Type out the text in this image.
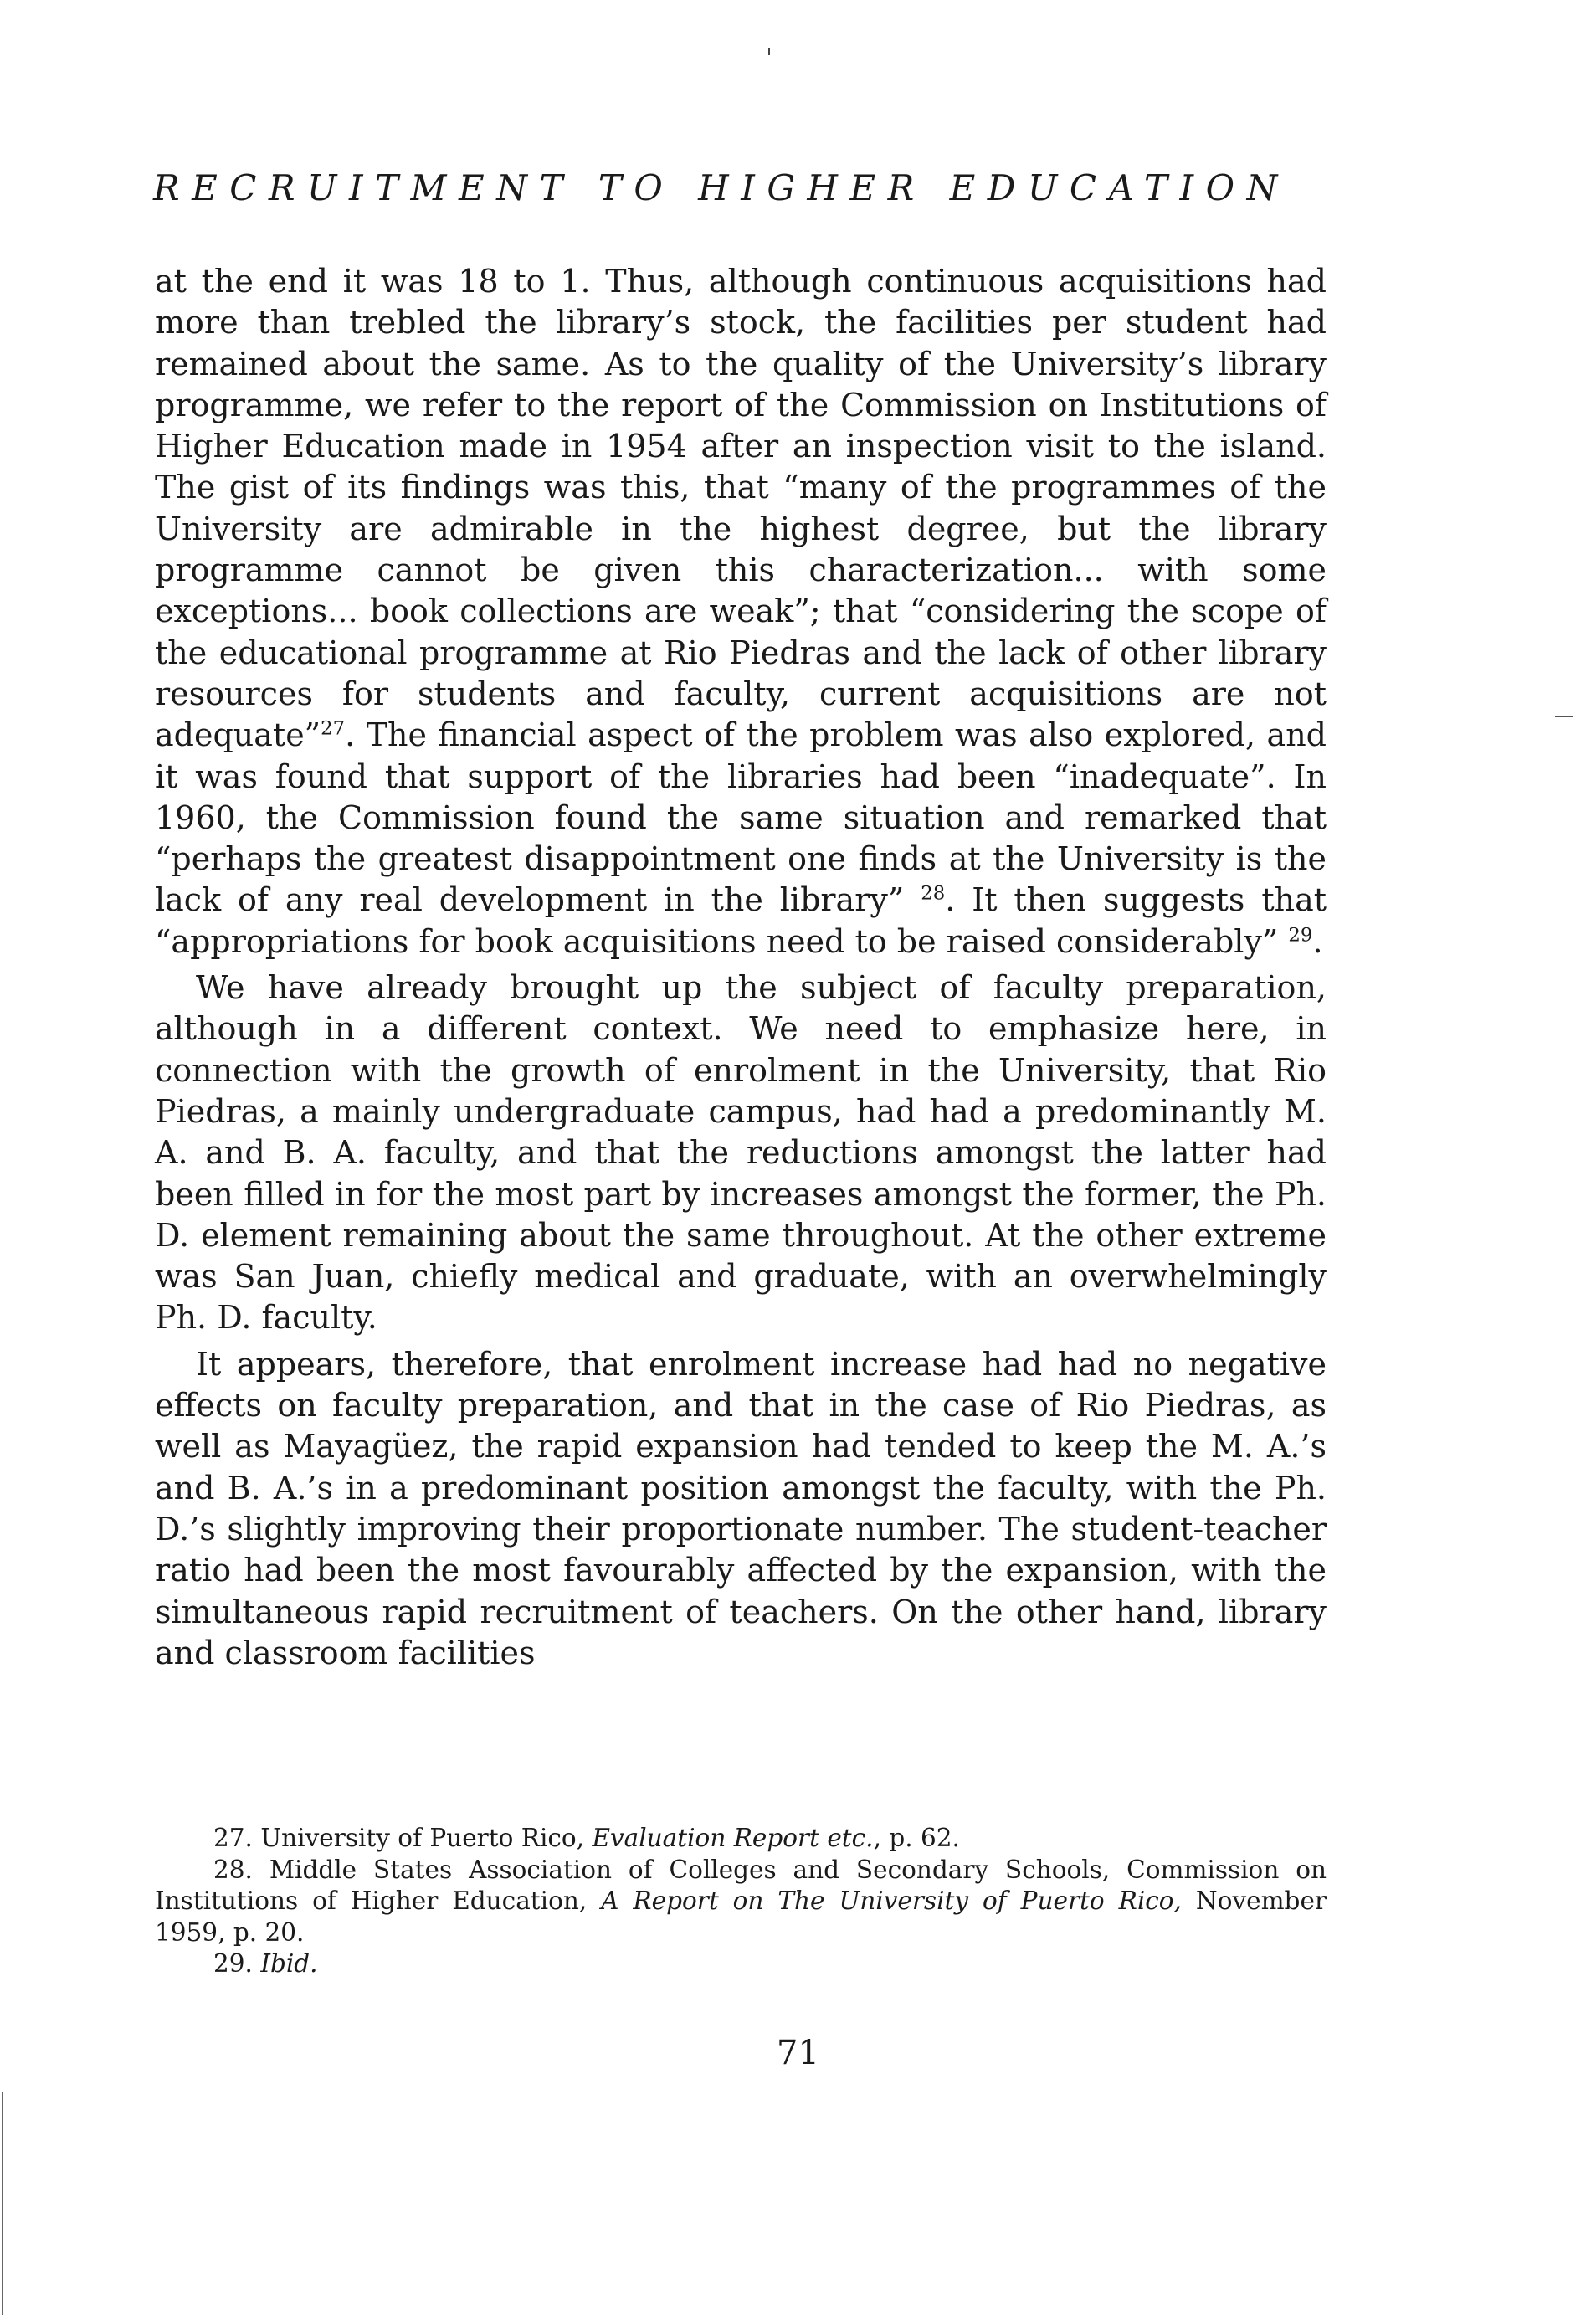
RECRUITMENT TO HIGHER EDUCATION

at the end it was 18 to 1. Thus, although continuous acquisitions had more than trebled the library’s stock, the facilities per student had remained about the same. As to the quality of the University’s library programme, we refer to the report of the Commission on Institutions of Higher Education made in 1954 after an inspection visit to the island. The gist of its findings was this, that “many of the programmes of the University are admirable in the highest degree, but the library programme cannot be given this characterization... with some exceptions... book collections are weak”; that “considering the scope of the educational programme at Rio Piedras and the lack of other library resources for students and faculty, current acquisitions are not adequate”$^{27}$. The financial aspect of the problem was also explored, and it was found that support of the libraries had been “inadequate”. In 1960, the Commission found the same situation and remarked that “perhaps the greatest disappointment one finds at the University is the lack of any real development in the library” $^{28}$. It then suggests that “appropriations for book acquisitions need to be raised considerably” $^{29}$.

We have already brought up the subject of faculty preparation, although in a different context. We need to emphasize here, in connection with the growth of enrolment in the University, that Rio Piedras, a mainly undergraduate campus, had had a predominantly M. A. and B. A. faculty, and that the reductions amongst the latter had been filled in for the most part by increases amongst the former, the Ph. D. element remaining about the same throughout. At the other extreme was San Juan, chiefly medical and graduate, with an overwhelmingly Ph. D. faculty.

It appears, therefore, that enrolment increase had had no negative effects on faculty preparation, and that in the case of Rio Piedras, as well as Mayagüez, the rapid expansion had tended to keep the M. A.’s and B. A.’s in a predominant position amongst the faculty, with the Ph. D.’s slightly improving their proportionate number. The student-teacher ratio had been the most favourably affected by the expansion, with the simultaneous rapid recruitment of teachers. On the other hand, library and classroom facilities

27. University of Puerto Rico, Evaluation Report etc., p. 62.

28. Middle States Association of Colleges and Secondary Schools, Commission on Institutions of Higher Education, A Report on The University of Puerto Rico, November 1959, p. 20.

29. Ibid.

71
